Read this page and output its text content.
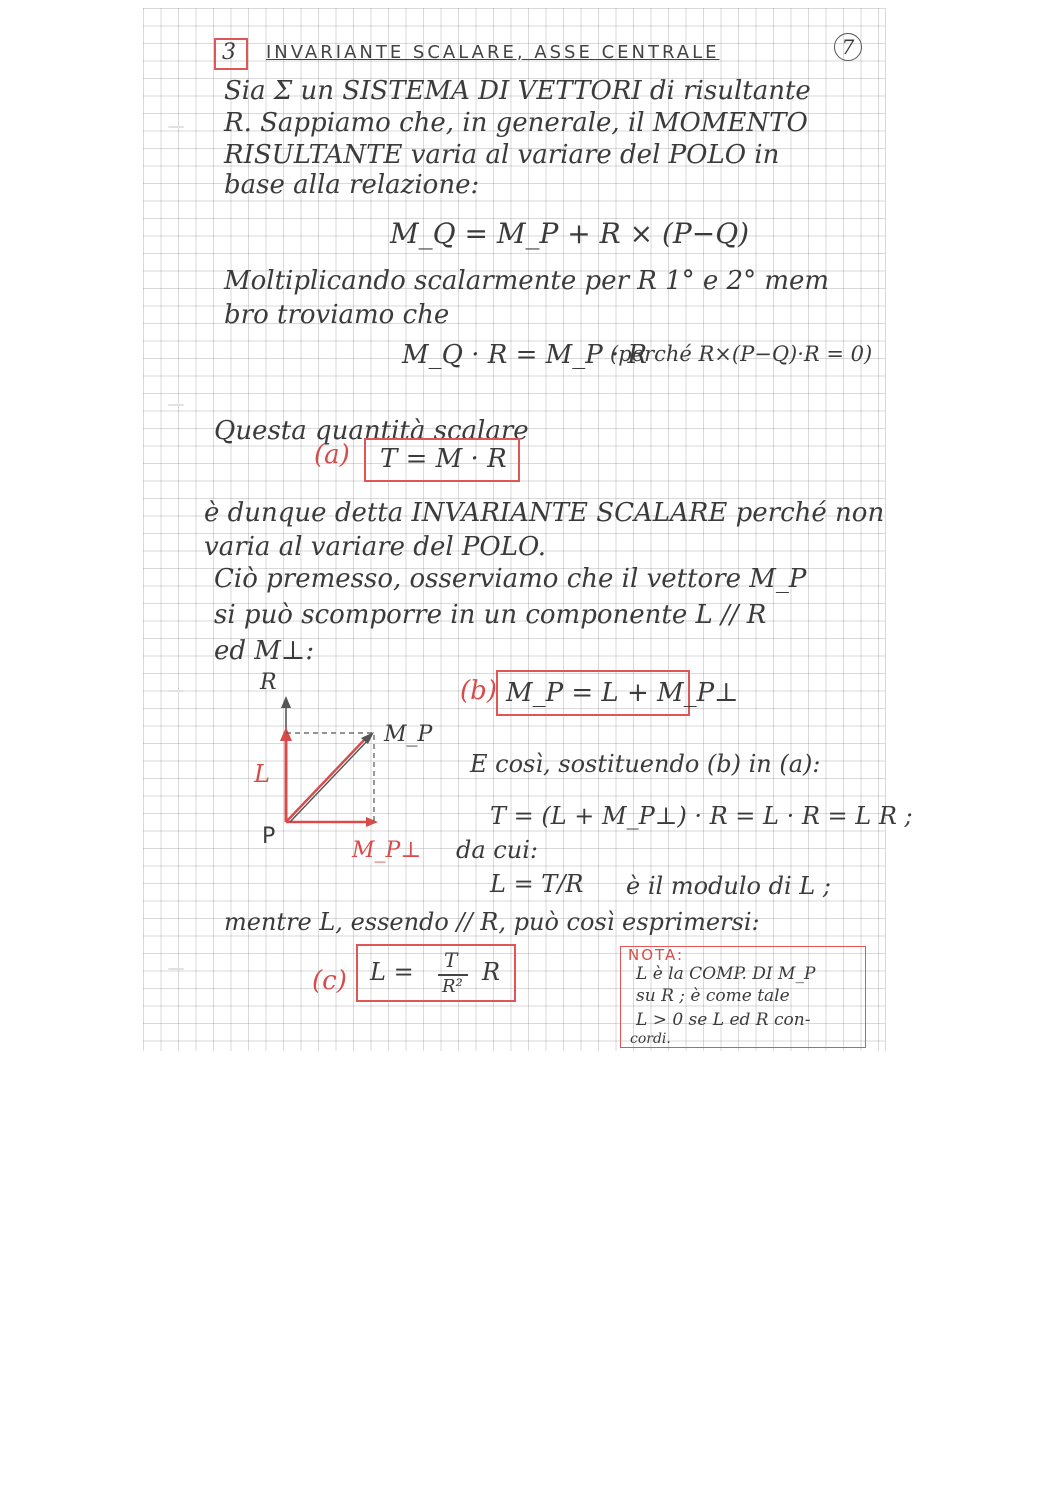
3 INVARIANTE SCALARE, ASSE CENTRALE	7
Sia Σ un SISTEMA DI VETTORI di risultante
R. Sappiamo che, in generale, il MOMENTO
RISULTANTE varia al variare del POLO in
base alla relazione:
M_Q = M_P + R × (P−Q)
Moltiplicando scalarmente per R 1° e 2° mem
bro troviamo che
M_Q · R = M_P · R
(perché R×(P−Q)·R = 0)
Questa quantità scalare
(a) T = M · R
è dunque detta INVARIANTE SCALARE perché non
varia al variare del POLO.
Ciò premesso, osserviamo che il vettore M_P
si può scomporre in un componente L // R
ed M⊥:
(b) M_P = L + M_P⊥
R
M_P
L
P
M_P⊥
E così, sostituendo (b) in (a):
T = (L + M_P⊥) · R = L · R = L R ;
da cui:
L = T/R è il modulo di L ;
mentre L, essendo // R, può così esprimersi:
(c) L = T
R²
R
NOTA:
L è la COMP. DI M_P
su R ; è come tale
L > 0 se L ed R con-
cordi.
